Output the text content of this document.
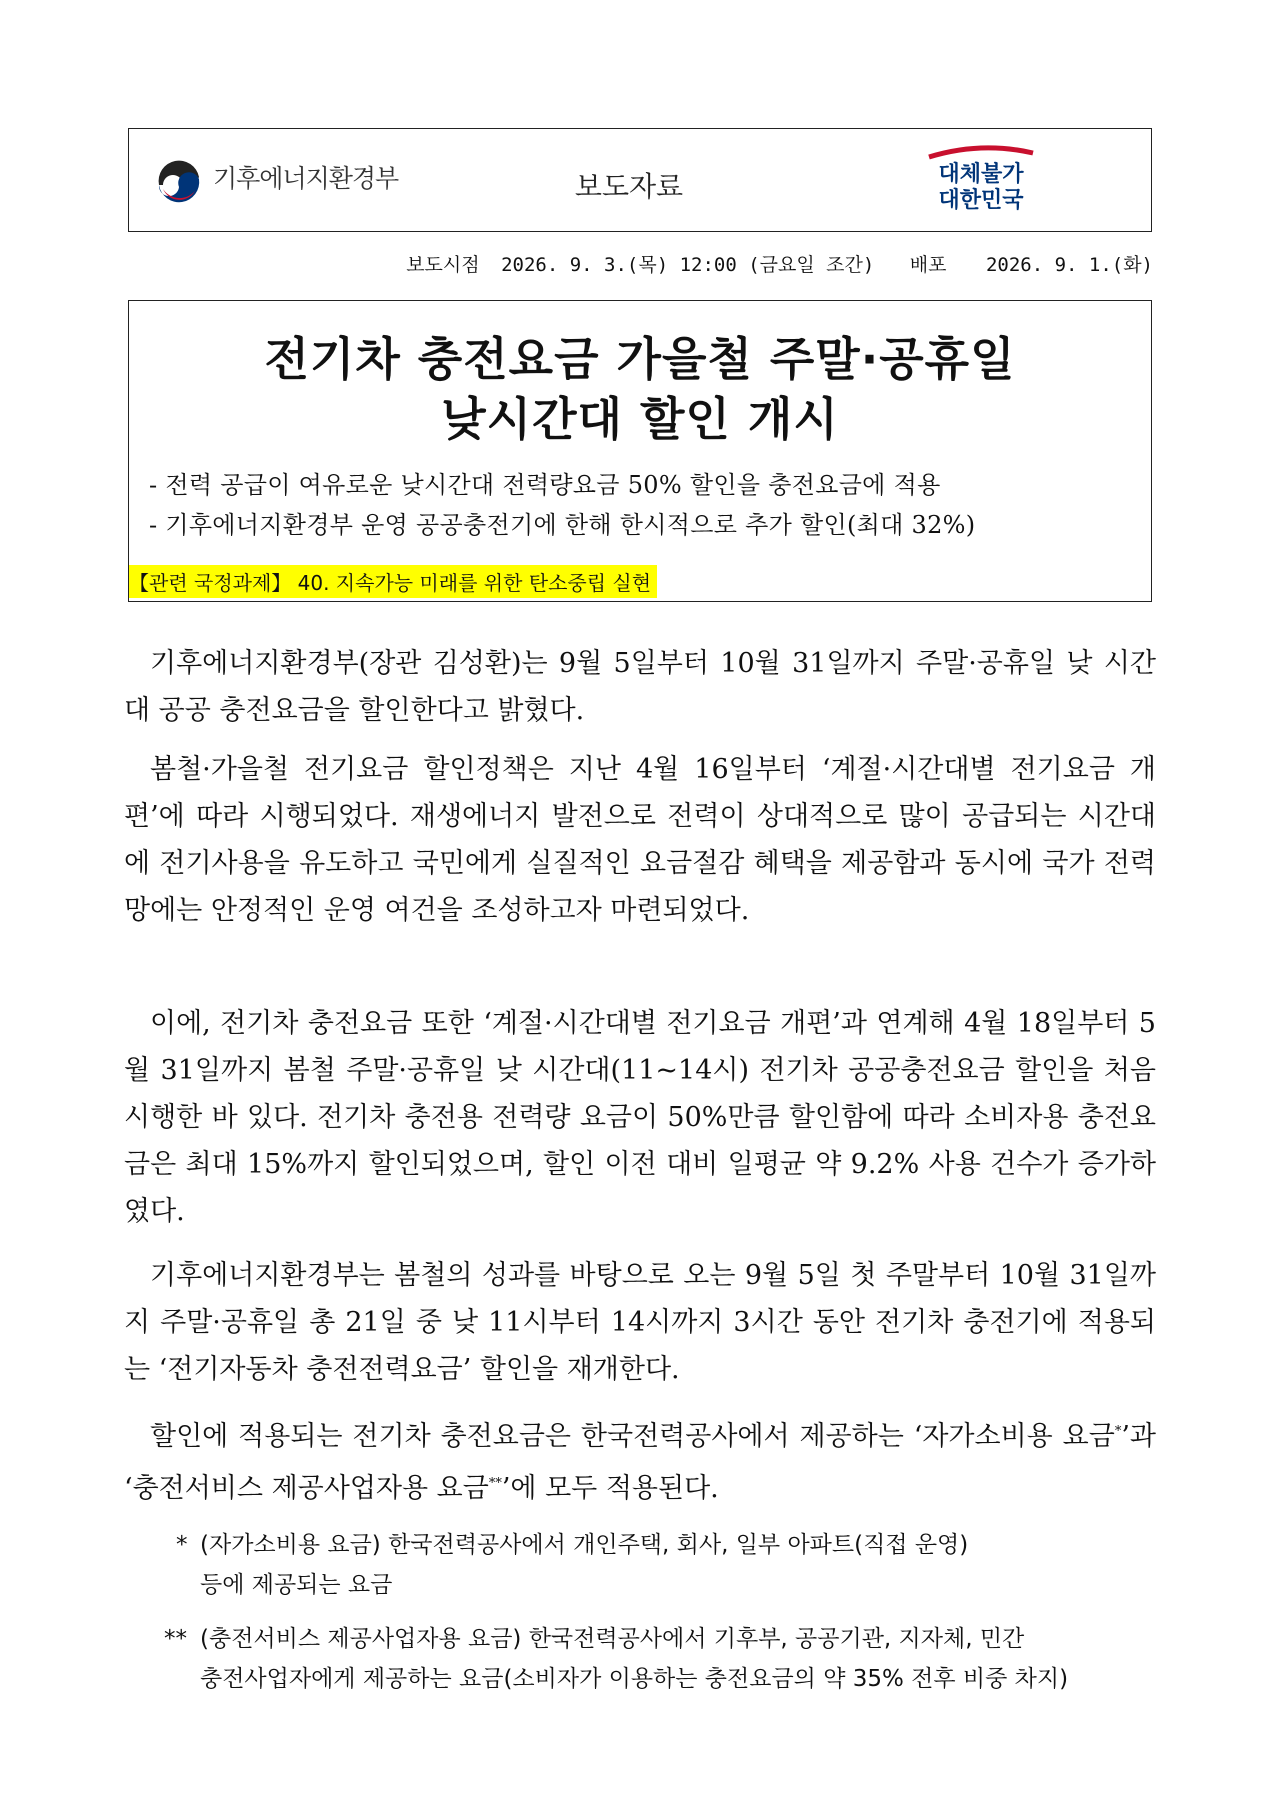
기후에너지환경부	보도자료	대체불가
대한민국
보도시점 2026. 9. 3.(목) 12:00 (금요일 조간) 배포 2026. 9. 1.(화)
전기차 충전요금 가을철 주말·공휴일
낮시간대 할인 개시
- 전력 공급이 여유로운 낮시간대 전력량요금 50% 할인을 충전요금에 적용
- 기후에너지환경부 운영 공공충전기에 한해 한시적으로 추가 할인(최대 32%)
【관련 국정과제】 40. 지속가능 미래를 위한 탄소중립 실현
기후에너지환경부(장관 김성환)는 9월 5일부터 10월 31일까지 주말·공휴일 낮 시간대 공공 충전요금을 할인한다고 밝혔다.
봄철·가을철 전기요금 할인정책은 지난 4월 16일부터 ‘계절·시간대별 전기요금 개편’에 따라 시행되었다. 재생에너지 발전으로 전력이 상대적으로 많이 공급되는 시간대에 전기사용을 유도하고 국민에게 실질적인 요금절감 혜택을 제공함과 동시에 국가 전력망에는 안정적인 운영 여건을 조성하고자 마련되었다.
이에, 전기차 충전요금 또한 ‘계절·시간대별 전기요금 개편’과 연계해 4월 18일부터 5월 31일까지 봄철 주말·공휴일 낮 시간대(11~14시) 전기차 공공충전요금 할인을 처음 시행한 바 있다. 전기차 충전용 전력량 요금이 50%만큼 할인함에 따라 소비자용 충전요금은 최대 15%까지 할인되었으며, 할인 이전 대비 일평균 약 9.2% 사용 건수가 증가하였다.
기후에너지환경부는 봄철의 성과를 바탕으로 오는 9월 5일 첫 주말부터 10월 31일까지 주말·공휴일 총 21일 중 낮 11시부터 14시까지 3시간 동안 전기차 충전기에 적용되는 ‘전기자동차 충전전력요금’ 할인을 재개한다.
할인에 적용되는 전기차 충전요금은 한국전력공사에서 제공하는 ‘자가소비용 요금*’과 ‘충전서비스 제공사업자용 요금**’에 모두 적용된다.
* (자가소비용 요금) 한국전력공사에서 개인주택, 회사, 일부 아파트(직접 운영)
등에 제공되는 요금
** (충전서비스 제공사업자용 요금) 한국전력공사에서 기후부, 공공기관, 지자체, 민간
충전사업자에게 제공하는 요금(소비자가 이용하는 충전요금의 약 35% 전후 비중 차지)
